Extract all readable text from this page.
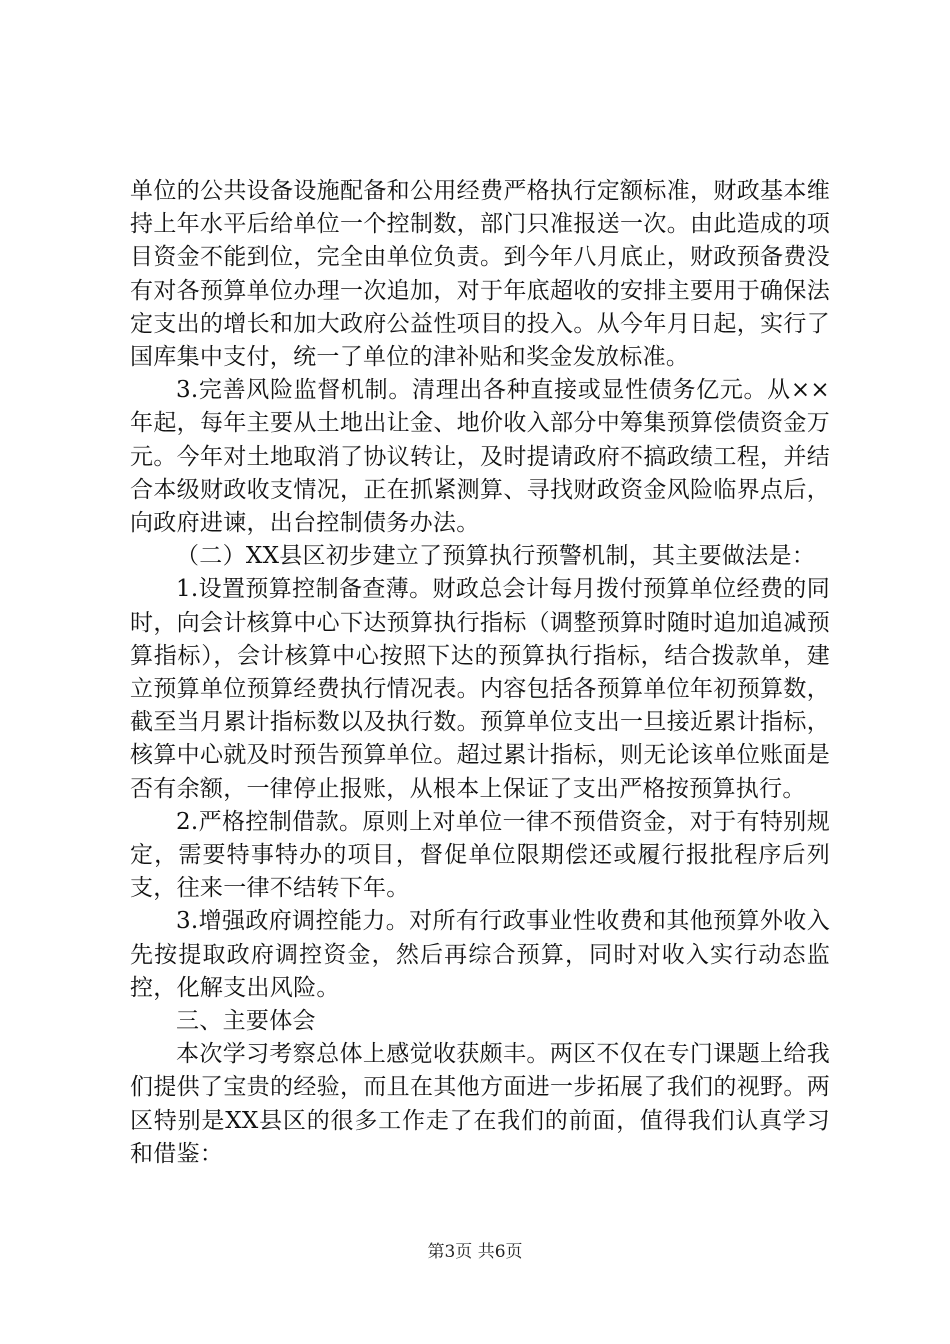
单位的公共设备设施配备和公用经费严格执行定额标准，财政基本维持上年水平后给单位一个控制数，部门只准报送一次。由此造成的项目资金不能到位，完全由单位负责。到今年八月底止，财政预备费没有对各预算单位办理一次追加，对于年底超收的安排主要用于确保法定支出的增长和加大政府公益性项目的投入。从今年月日起，实行了国库集中支付，统一了单位的津补贴和奖金发放标准。

3.完善风险监督机制。清理出各种直接或显性债务亿元。从××年起，每年主要从土地出让金、地价收入部分中筹集预算偿债资金万元。今年对土地取消了协议转让，及时提请政府不搞政绩工程，并结合本级财政收支情况，正在抓紧测算、寻找财政资金风险临界点后，向政府进谏，出台控制债务办法。

（二）XX县区初步建立了预算执行预警机制，其主要做法是：

1.设置预算控制备查薄。财政总会计每月拨付预算单位经费的同时，向会计核算中心下达预算执行指标（调整预算时随时追加追减预算指标），会计核算中心按照下达的预算执行指标，结合拨款单，建立预算单位预算经费执行情况表。内容包括各预算单位年初预算数，截至当月累计指标数以及执行数。预算单位支出一旦接近累计指标，核算中心就及时预告预算单位。超过累计指标，则无论该单位账面是否有余额，一律停止报账，从根本上保证了支出严格按预算执行。

2.严格控制借款。原则上对单位一律不预借资金，对于有特别规定，需要特事特办的项目，督促单位限期偿还或履行报批程序后列支，往来一律不结转下年。

3.增强政府调控能力。对所有行政事业性收费和其他预算外收入先按提取政府调控资金，然后再综合预算，同时对收入实行动态监控，化解支出风险。

三、主要体会

本次学习考察总体上感觉收获颇丰。两区不仅在专门课题上给我们提供了宝贵的经验，而且在其他方面进一步拓展了我们的视野。两区特别是XX县区的很多工作走了在我们的前面，值得我们认真学习和借鉴：

第3页 共6页
